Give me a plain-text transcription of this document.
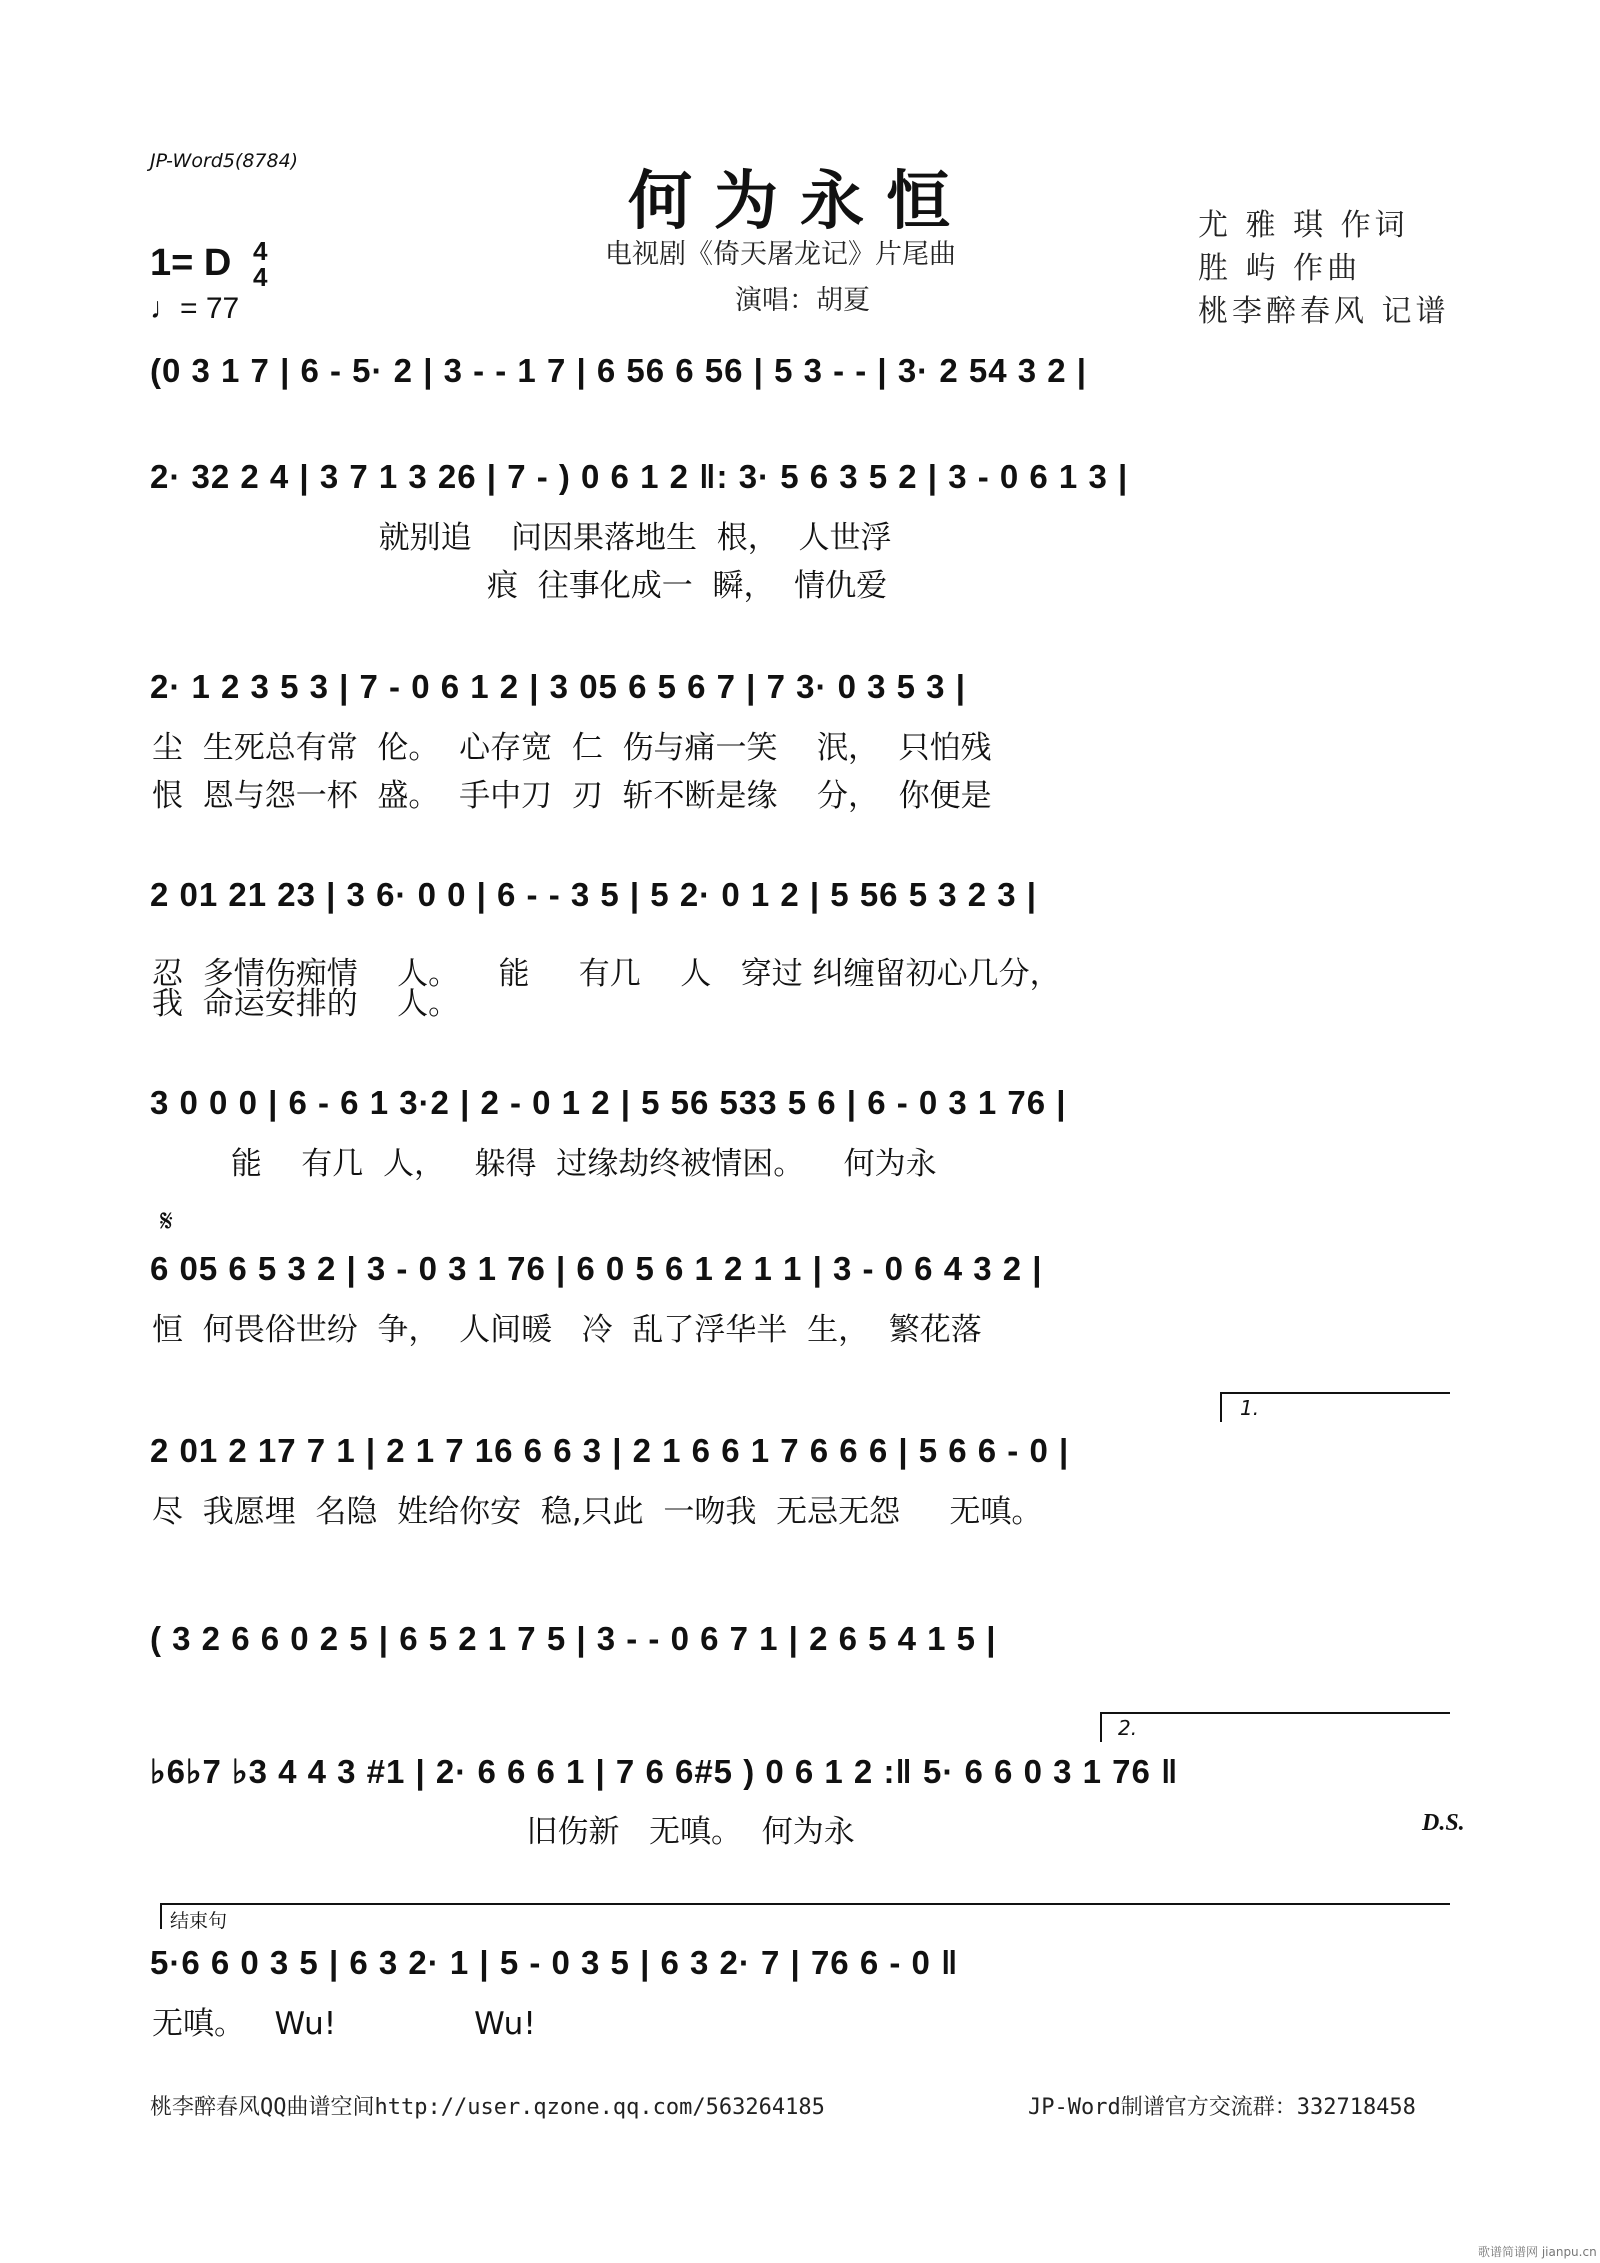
JP-Word5(8784)
何为永恒
电视剧《倚天屠龙记》片尾曲
演唱：胡夏
1= D 4
4
♩= 77
尤 雅 琪 作词
胜 屿 作曲
桃李醉春风 记谱
(0 3 1 7 | 6 - 5· 2 | 3 - - 1 7 | 6 56 6 56 | 5 3 - - | 3· 2 54 3 2 |
2· 32 2 4 | 3 7 1 3 26 | 7 - ) 0 6 1 2 ‖: 3· 5 6 3 5 2 | 3 - 0 6 1 3 |
就别追    问因果落地生  根，  人世浮
痕  往事化成一  瞬，  情仇爱
2· 1 2 3 5 3 | 7 - 0 6 1 2 | 3 05 6 5 6 7 | 7 3· 0 3 5 3 |
尘  生死总有常  伦。  心存宽  仁  伤与痛一笑    泯，  只怕残
恨  恩与怨一杯  盛。  手中刀  刃  斩不断是缘    分，  你便是
2 01 21 23 | 3 6· 0 0 | 6 - - 3 5 | 5 2· 0 1 2 | 5 56 5 3 2 3 |
忍  多情伤痴情    人。    能     有几    人   穿过 纠缠留初心几分，
我  命运安排的    人。
3 0 0 0 | 6 - 6 1 3·2 | 2 - 0 1 2 | 5 56 533 5 6 | 6 - 0 3 1 76 |
能    有几  人，   躲得  过缘劫终被情困。    何为永
𝄋
6 05 6 5 3 2 | 3 - 0 3 1 76 | 6 0 5 6 1 2 1 1 | 3 - 0 6 4 3 2 |
恒  何畏俗世纷  争，  人间暖   冷  乱了浮华半  生，  繁花落
1.
2 01 2 17 7 1 | 2 1 7 16 6 6 3 | 2 1 6 6 1 7 6 6 6 | 5 6 6 - 0 |
尽  我愿埋  名隐  姓给你安  稳,只此  一吻我  无忌无怨     无嗔。
( 3 2 6 6 0 2 5 | 6 5 2 1 7 5 | 3 - - 0 6 7 1 | 2 6 5 4 1 5 |
2.
♭6♭7 ♭3 4 4 3 #1 | 2· 6 6 6 1 | 7 6 6#5 ) 0 6 1 2 :‖ 5· 6 6 0 3 1 76 ‖
旧伤新   无嗔。  何为永	D.S.
结束句
5·6 6 0 3 5 | 6 3 2· 1 | 5 - 0 3 5 | 6 3 2· 7 | 76 6 - 0 ‖
无嗔。   Wu!              Wu!
桃李醉春风QQ曲谱空间http://user.qzone.qq.com/563264185	JP-Word制谱官方交流群：332718458
歌谱简谱网 jianpu.cn
